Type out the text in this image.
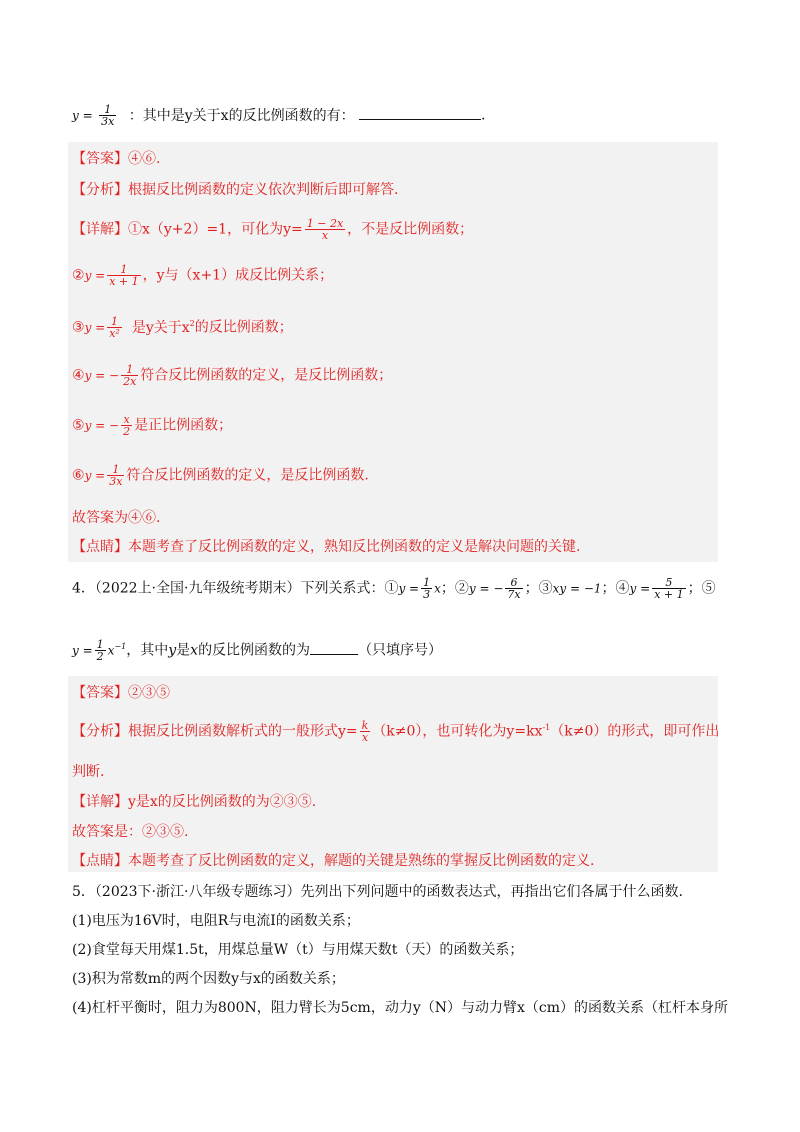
$y = \frac{1}{3x}$ ：其中是y关于x的反比例函数的有：	.
【答案】④⑥.
【分析】根据反比例函数的定义依次判断后即可解答.
【详解】①x（y+2）=1，可化为$y= \frac{1 - 2x}{x}$ ，不是反比例函数；
②y = $\frac{1}{x + 1}$ ，y与（x+1）成反比例关系；
③y = $\frac{1}{\text{x²}}$ 是y关于$x^2$的反比例函数；
④y = − $\frac{1}{2x}$ 符合反比例函数的定义，是反比例函数；
⑤y = − $\frac{x}{2}$ 是正比例函数；
⑥y = $\frac{1}{3x}$ 符合反比例函数的定义，是反比例函数.
故答案为④⑥.
【点睛】本题考查了反比例函数的定义，熟知反比例函数的定义是解决问题的关键.
4．（2022上·全国·九年级统考期末）下列关系式：①y = $\frac{1}{3}$ x；②y = − $\frac{6}{7x}$ ；③xy = −1；④y = $\frac{5}{x + 1}$ ；⑤
$y = \frac{1}{2} x^{-1}$，其中y是x的反比例函数的为	（只填序号）
【答案】②③⑤
【分析】根据反比例函数解析式的一般形式$y= \frac{k}{x} (k\ne 0)$，也可转化为$y=kx^{-1}(k\ne 0)$的形式，即可作出
判断.
【详解】y是x的反比例函数的为②③⑤.
故答案是：②③⑤.
【点睛】本题考查了反比例函数的定义，解题的关键是熟练的掌握反比例函数的定义.
5．（2023下·浙江·八年级专题练习）先列出下列问题中的函数表达式，再指出它们各属于什么函数.
(1)电压为16V时，电阻R与电流I的函数关系；
(2)食堂每天用煤1.5t，用煤总量W（t）与用煤天数t（天）的函数关系；
(3)积为常数m的两个因数y与x的函数关系；
(4)杠杆平衡时，阻力为800N，阻力臂长为5cm，动力y（N）与动力臂x（cm）的函数关系（杠杆本身所
